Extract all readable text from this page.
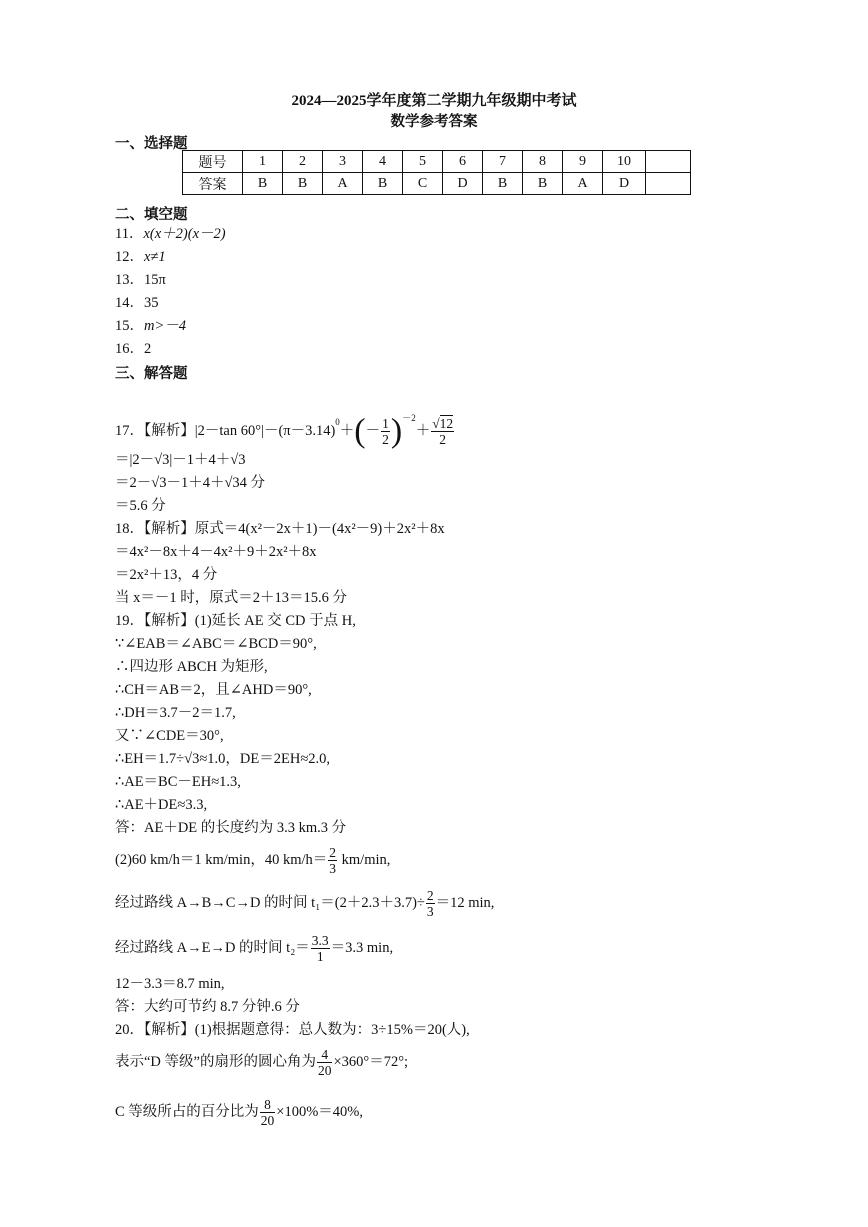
2024—2025学年度第二学期九年级期中考试
数学参考答案
一、选择题
题号	1	2	3	4	5	6	7	8	9	10	
答案	B	B	A	B	C	D	B	B	A	D	
二、填空题
11．x(x＋2)(x－2)
12．x≠1
13．15π
14．35
15．m>－4
16．2
三、解答题
17．【解析】|2－tan $60^\circ|-(\pi-3.14)^0+(- \frac{1}{2} )^{-2}+ \frac{√12}{2}$
＝|2－√3|－1＋4＋√3
＝2－√3－1＋4＋√34 分
＝5.6 分
18．【解析】原式＝4(x²－2x＋1)－(4x²－9)＋2x²＋8x
＝4x²－8x＋4－4x²＋9＋2x²＋8x
＝2x²＋13，4 分
当 x＝－1 时，原式＝2＋13＝15.6 分
19．【解析】(1)延长 AE 交 CD 于点 H,
∵∠EAB＝∠ABC＝∠BCD＝90°,
∴四边形 ABCH 为矩形,
∴CH＝AB＝2，且∠AHD＝90°,
∴DH＝3.7－2＝1.7,
又∵∠CDE＝30°,
∴EH＝1.7÷√3≈1.0，DE＝2EH≈2.0,
∴AE＝BC－EH≈1.3,
∴AE＋DE≈3.3,
答：AE＋DE 的长度约为 3.3 km.3 分
(2)60 km/h＝1 km/min，40 $km/h= \frac{2}{3} km/\min$,
经过路线 A→B→C→D 的时间 $t_1=(2+2.3+3.7)\div \frac{2}{3} =12$ min,
经过路线 A→E→D 的时间 $t_2= \frac{3.3}{1} =3.3$ min,
12－3.3＝8.7 min,
答：大约可节约 8.7 分钟.6 分
20．【解析】(1)根据题意得：总人数为：3÷15%＝20(人),
表示“D 等级”的扇形的圆心角为 $\frac{4}{20} \times 360^\circ=72^\circ$;
C 等级所占的百分比为 $\frac{8}{20} \times 100\%=40\%$,
